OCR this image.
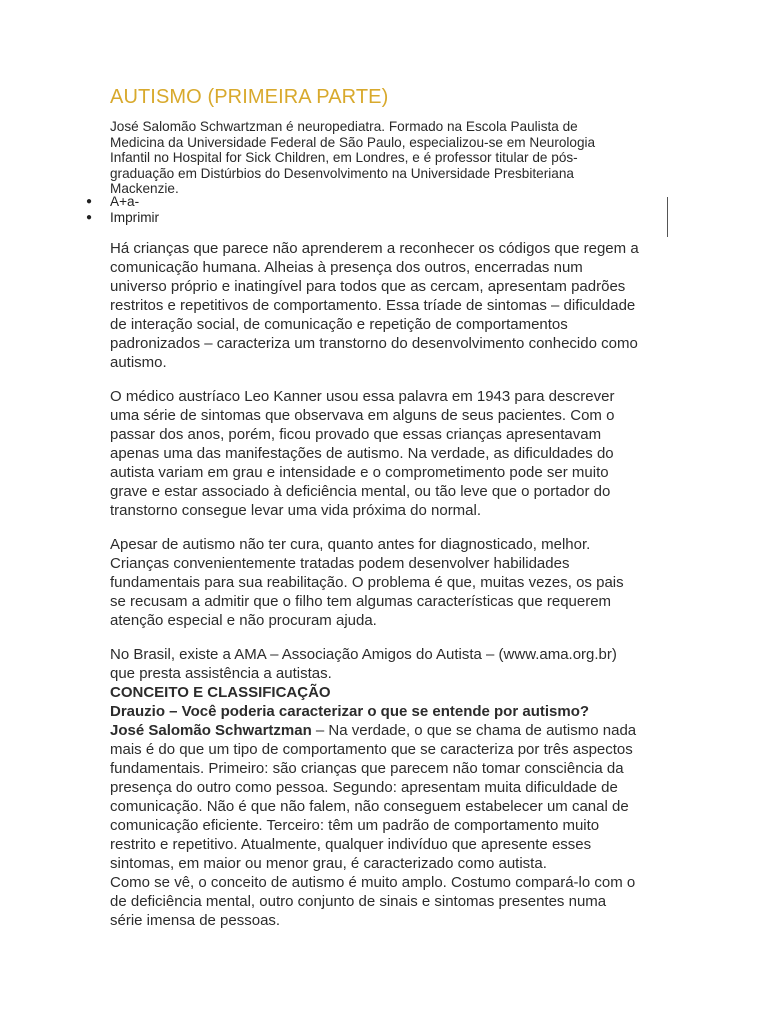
AUTISMO (PRIMEIRA PARTE)
José Salomão Schwartzman é neuropediatra. Formado na Escola Paulista de
Medicina da Universidade Federal de São Paulo, especializou-se em Neurologia
Infantil no Hospital for Sick Children, em Londres, e é professor titular de pós-
graduação em Distúrbios do Desenvolvimento na Universidade Presbiteriana
Mackenzie.
● A+a-
● Imprimir
Há crianças que parece não aprenderem a reconhecer os códigos que regem a
comunicação humana. Alheias à presença dos outros, encerradas num
universo próprio e inatingível para todos que as cercam, apresentam padrões
restritos e repetitivos de comportamento. Essa tríade de sintomas – dificuldade
de interação social, de comunicação e repetição de comportamentos
padronizados – caracteriza um transtorno do desenvolvimento conhecido como
autismo.
O médico austríaco Leo Kanner usou essa palavra em 1943 para descrever
uma série de sintomas que observava em alguns de seus pacientes. Com o
passar dos anos, porém, ficou provado que essas crianças apresentavam
apenas uma das manifestações de autismo. Na verdade, as dificuldades do
autista variam em grau e intensidade e o comprometimento pode ser muito
grave e estar associado à deficiência mental, ou tão leve que o portador do
transtorno consegue levar uma vida próxima do normal.
Apesar de autismo não ter cura, quanto antes for diagnosticado, melhor.
Crianças convenientemente tratadas podem desenvolver habilidades
fundamentais para sua reabilitação. O problema é que, muitas vezes, os pais
se recusam a admitir que o filho tem algumas características que requerem
atenção especial e não procuram ajuda.
No Brasil, existe a AMA – Associação Amigos do Autista – (www.ama.org.br)
que presta assistência a autistas.
CONCEITO E CLASSIFICAÇÃO
Drauzio – Você poderia caracterizar o que se entende por autismo?
José Salomão Schwartzman – Na verdade, o que se chama de autismo nada
mais é do que um tipo de comportamento que se caracteriza por três aspectos
fundamentais. Primeiro: são crianças que parecem não tomar consciência da
presença do outro como pessoa. Segundo: apresentam muita dificuldade de
comunicação. Não é que não falem, não conseguem estabelecer um canal de
comunicação eficiente. Terceiro: têm um padrão de comportamento muito
restrito e repetitivo. Atualmente, qualquer indivíduo que apresente esses
sintomas, em maior ou menor grau, é caracterizado como autista.
Como se vê, o conceito de autismo é muito amplo. Costumo compará-lo com o
de deficiência mental, outro conjunto de sinais e sintomas presentes numa
série imensa de pessoas.
